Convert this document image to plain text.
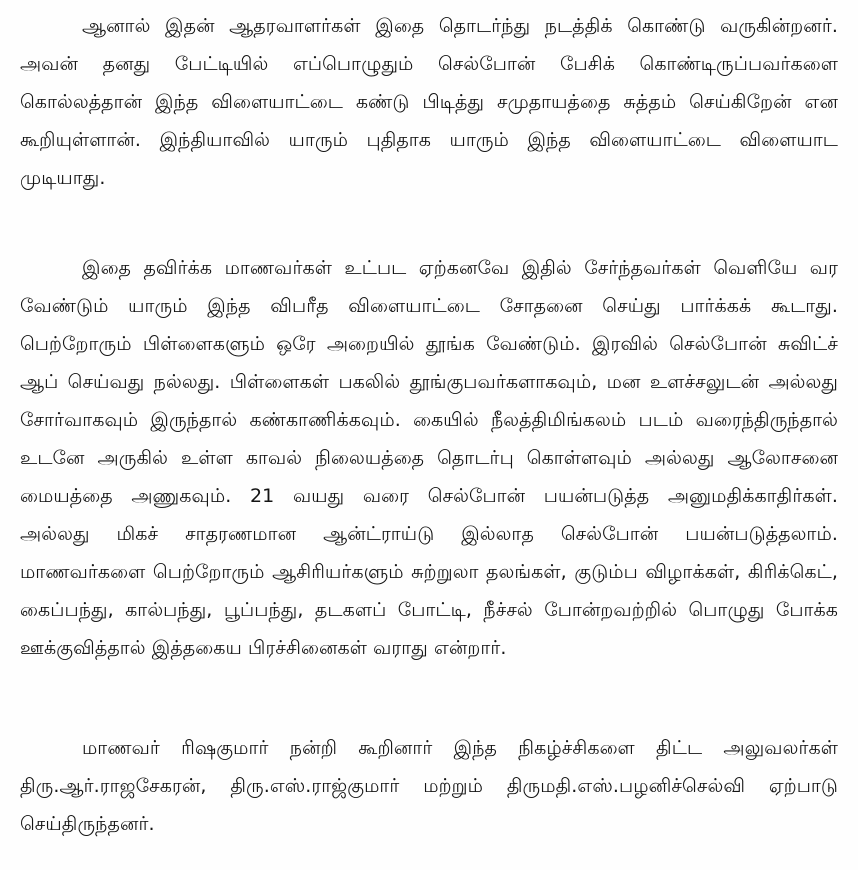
ஆனால் இதன் ஆதரவாளர்கள் இதை தொடர்ந்து நடத்திக் கொண்டு வருகின்றனர்.
அவன் தனது பேட்டியில் எப்பொழுதும் செல்போன் பேசிக் கொண்டிருப்பவர்களை
கொல்லத்தான் இந்த விளையாட்டை கண்டு பிடித்து சமுதாயத்தை சுத்தம் செய்கிறேன் என
கூறியுள்ளான். இந்தியாவில் யாரும் புதிதாக யாரும் இந்த விளையாட்டை விளையாட
முடியாது.
இதை தவிர்க்க மாணவர்கள் உட்பட ஏற்கனவே இதில் சேர்ந்தவர்கள் வெளியே வர
வேண்டும் யாரும் இந்த விபரீத விளையாட்டை சோதனை செய்து பார்க்கக் கூடாது.
பெற்றோரும் பிள்ளைகளும் ஒரே அறையில் தூங்க வேண்டும். இரவில் செல்போன் சுவிட்ச்
ஆப் செய்வது நல்லது. பிள்ளைகள் பகலில் தூங்குபவர்களாகவும், மன உளச்சலுடன் அல்லது
சோர்வாகவும் இருந்தால் கண்காணிக்கவும். கையில் நீலத்திமிங்கலம் படம் வரைந்திருந்தால்
உடனே அருகில் உள்ள காவல் நிலையத்தை தொடர்பு கொள்ளவும் அல்லது ஆலோசனை
மையத்தை அணுகவும். 21 வயது வரை செல்போன் பயன்படுத்த அனுமதிக்காதிர்கள்.
அல்லது மிகச் சாதரணமான ஆன்ட்ராய்டு இல்லாத செல்போன் பயன்படுத்தலாம்.
மாணவர்களை பெற்றோரும் ஆசிரியர்களும் சுற்றுலா தலங்கள், குடும்ப விழாக்கள், கிரிக்கெட்,
கைப்பந்து, கால்பந்து, பூப்பந்து, தடகளப் போட்டி, நீச்சல் போன்றவற்றில் பொழுது போக்க
ஊக்குவித்தால் இத்தகைய பிரச்சினைகள் வராது என்றார்.
மாணவர் ரிஷகுமார் நன்றி கூறினார் இந்த நிகழ்ச்சிகளை திட்ட அலுவலர்கள்
திரு.ஆர்.ராஜசேகரன், திரு.எஸ்.ராஜ்குமார் மற்றும் திருமதி.எஸ்.பழனிச்செல்வி ஏற்பாடு
செய்திருந்தனர்.
